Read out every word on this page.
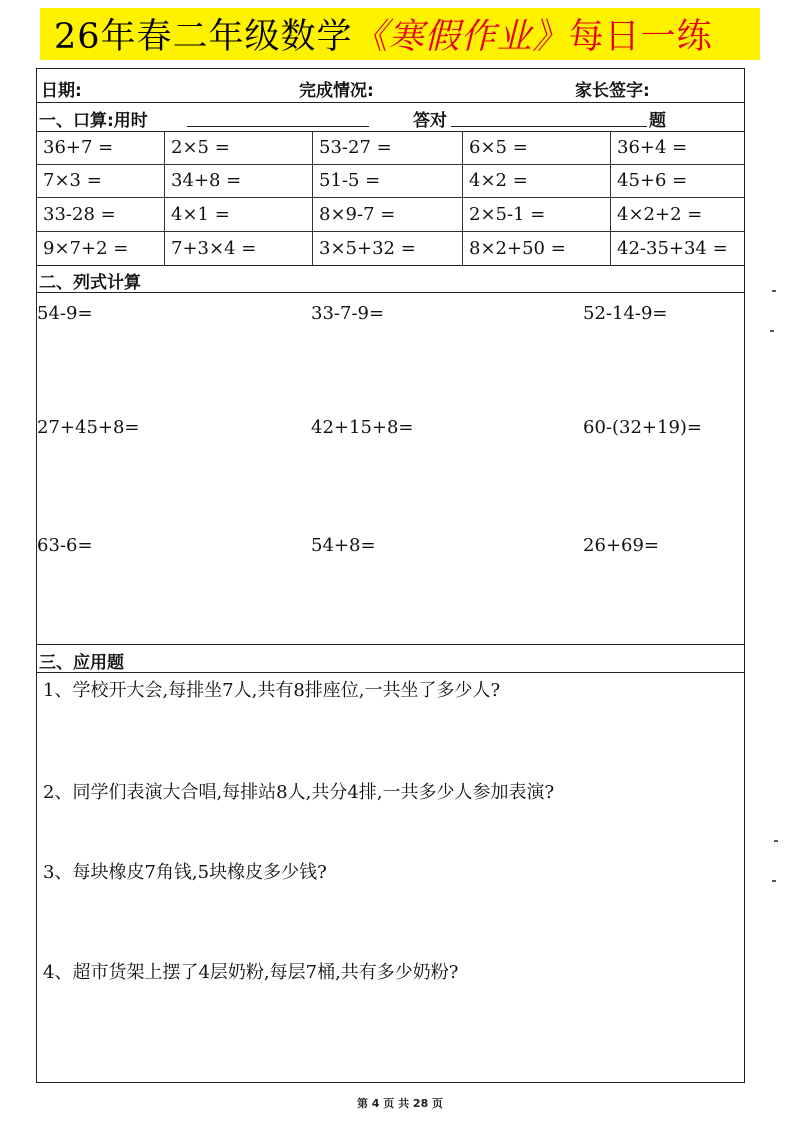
26年春二年级数学 《寒假作业》 每日一练
日期:	完成情况:	家长签字:
一、口算:用时	答对	题
36+7 =	2×5 =	53-27 =	6×5 =	36+4 =
7×3 =	34+8 =	51-5 =	4×2 =	45+6 =
33-28 =	4×1 =	8×9-7 =	2×5-1 =	4×2+2 =
9×7+2 =	7+3×4 =	3×5+32 =	8×2+50 =	42-35+34 =
二、列式计算
54-9=	33-7-9=	52-14-9=
27+45+8=	42+15+8=	60-(32+19)=
63-6=	54+8=	26+69=
三、应用题
1、学校开大会,每排坐7人,共有8排座位,一共坐了多少人?
2、同学们表演大合唱,每排站8人,共分4排,一共多少人参加表演?
3、每块橡皮7角钱,5块橡皮多少钱?
4、超市货架上摆了4层奶粉,每层7桶,共有多少奶粉?
第 4 页 共 28 页
